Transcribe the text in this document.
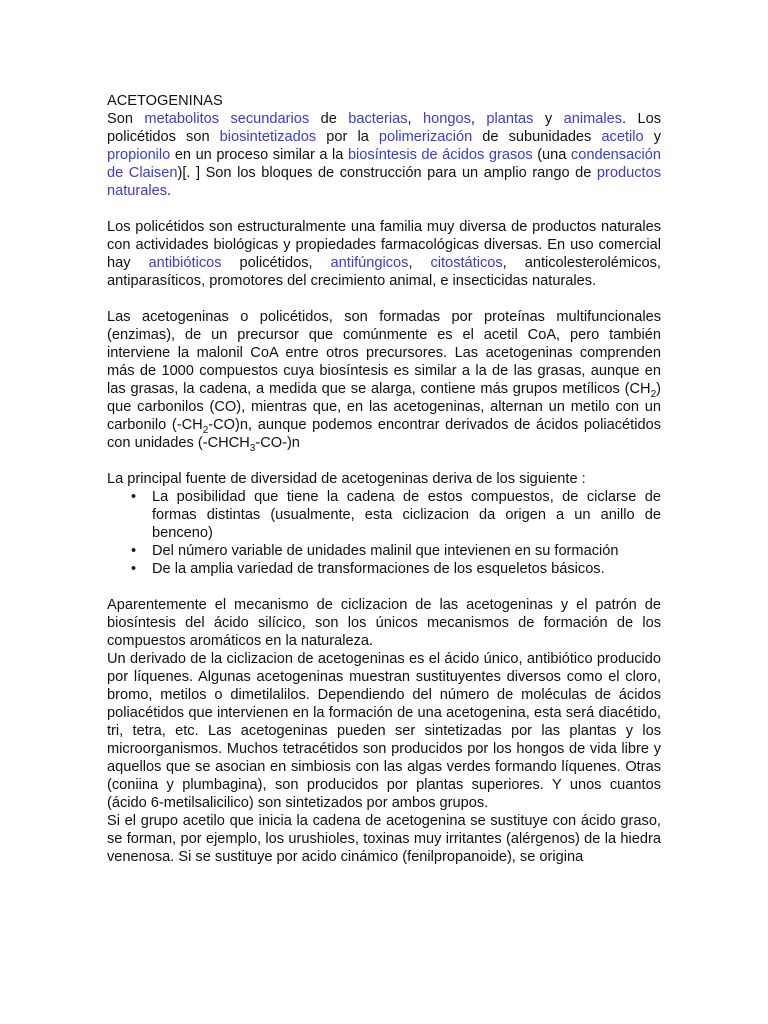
ACETOGENINAS

Son metabolitos secundarios de bacterias, hongos, plantas y animales. Los policétidos son biosintetizados por la polimerización de subunidades acetilo y propionilo en un proceso similar a la biosíntesis de ácidos grasos (una condensación de Claisen)[. ] Son los bloques de construcción para un amplio rango de productos naturales.

Los policétidos son estructuralmente una familia muy diversa de productos naturales con actividades biológicas y propiedades farmacológicas diversas. En uso comercial hay antibióticos policétidos, antifúngicos, citostáticos, anticolesterolémicos, antiparasíticos, promotores del crecimiento animal, e insecticidas naturales.

Las acetogeninas o policétidos, son formadas por proteínas multifuncionales (enzimas), de un precursor que comúnmente es el acetil CoA, pero también interviene la malonil CoA entre otros precursores. Las acetogeninas comprenden más de 1000 compuestos cuya biosíntesis es similar a la de las grasas, aunque en las grasas, la cadena, a medida que se alarga, contiene más grupos metílicos $(CH_2)$ que carbonilos (CO), mientras que, en las acetogeninas, alternan un metilo con un carbonilo $(-CH_2-CO)n$, aunque podemos encontrar derivados de ácidos poliacétidos con unidades $(-CHCH_3-CO-)n$

La principal fuente de diversidad de acetogeninas deriva de los siguiente :

• La posibilidad que tiene la cadena de estos compuestos, de ciclarse de formas distintas (usualmente, esta ciclizacion da origen a un anillo de benceno)
• Del número variable de unidades malinil que intevienen en su formación
• De la amplia variedad de transformaciones de los esqueletos básicos.

Aparentemente el mecanismo de ciclizacion de las acetogeninas y el patrón de biosíntesis del ácido silícico, son los únicos mecanismos de formación de los compuestos aromáticos en la naturaleza.

Un derivado de la ciclizacion de acetogeninas es el ácido único, antibiótico producido por líquenes. Algunas acetogeninas muestran sustituyentes diversos como el cloro, bromo, metilos o dimetilalilos. Dependiendo del número de moléculas de ácidos poliacétidos que intervienen en la formación de una acetogenina, esta será diacétido, tri, tetra, etc. Las acetogeninas pueden ser sintetizadas por las plantas y los microorganismos. Muchos tetracétidos son producidos por los hongos de vida libre y aquellos que se asocian en simbiosis con las algas verdes formando líquenes. Otras (coniina y plumbagina), son producidos por plantas superiores. Y unos cuantos (ácido 6-metilsalicilico) son sintetizados por ambos grupos.

Si el grupo acetilo que inicia la cadena de acetogenina se sustituye con ácido graso, se forman, por ejemplo, los urushioles, toxinas muy irritantes (alérgenos) de la hiedra venenosa. Si se sustituye por acido cinámico (fenilpropanoide), se origina
